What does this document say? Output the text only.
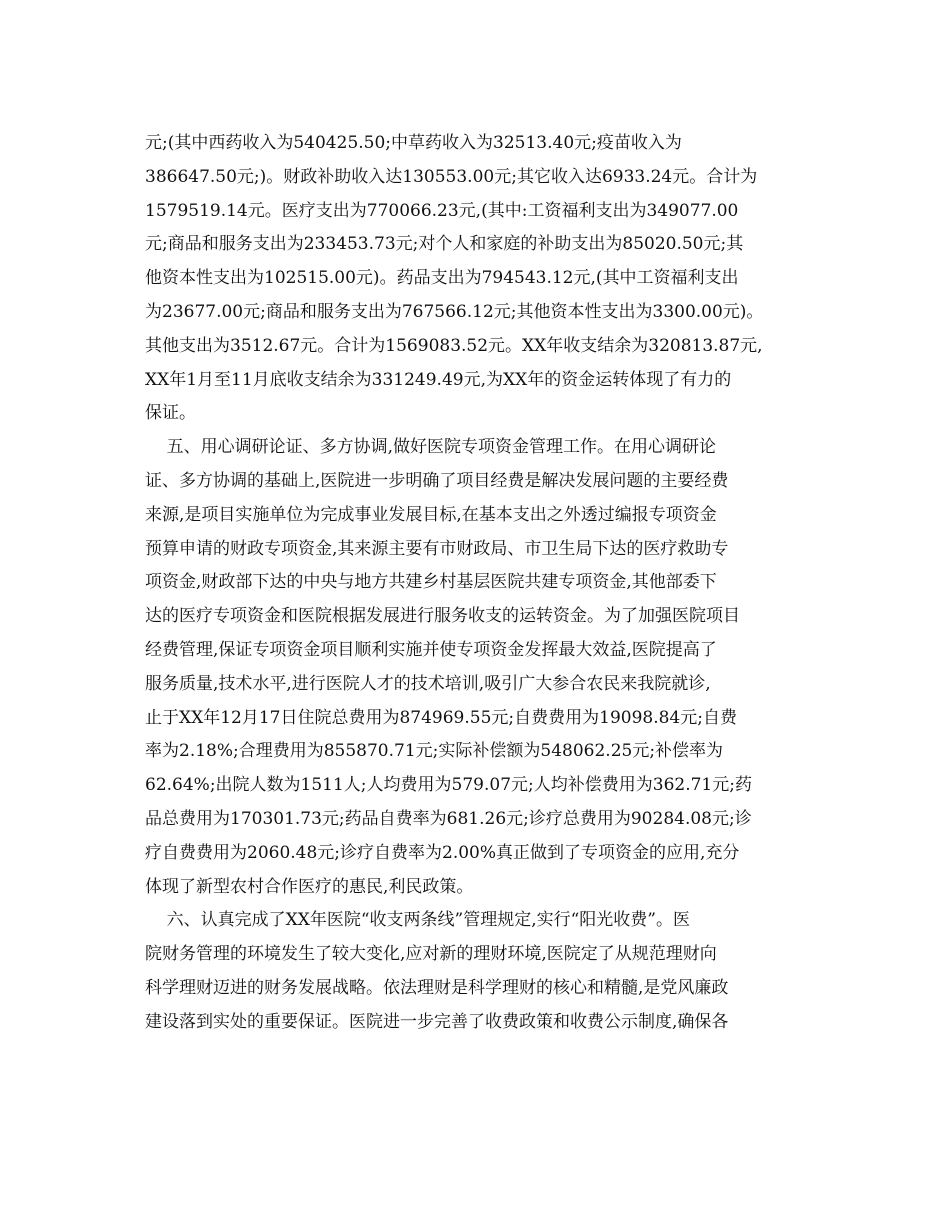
元;(其中西药收入为540425.50;中草药收入为32513.40元;疫苗收入为
386647.50元;)。财政补助收入达130553.00元;其它收入达6933.24元。合计为
1579519.14元。医疗支出为770066.23元,(其中:工资福利支出为349077.00
元;商品和服务支出为233453.73元;对个人和家庭的补助支出为85020.50元;其
他资本性支出为102515.00元)。药品支出为794543.12元,(其中工资福利支出
为23677.00元;商品和服务支出为767566.12元;其他资本性支出为3300.00元)。
其他支出为3512.67元。合计为1569083.52元。XX年收支结余为320813.87元,
XX年1月至11月底收支结余为331249.49元,为XX年的资金运转体现了有力的
保证。
五、用心调研论证、多方协调,做好医院专项资金管理工作。在用心调研论
证、多方协调的基础上,医院进一步明确了项目经费是解决发展问题的主要经费
来源,是项目实施单位为完成事业发展目标,在基本支出之外透过编报专项资金
预算申请的财政专项资金,其来源主要有市财政局、市卫生局下达的医疗救助专
项资金,财政部下达的中央与地方共建乡村基层医院共建专项资金,其他部委下
达的医疗专项资金和医院根据发展进行服务收支的运转资金。为了加强医院项目
经费管理,保证专项资金项目顺利实施并使专项资金发挥最大效益,医院提高了
服务质量,技术水平,进行医院人才的技术培训,吸引广大参合农民来我院就诊,
止于XX年12月17日住院总费用为874969.55元;自费费用为19098.84元;自费
率为2.18%;合理费用为855870.71元;实际补偿额为548062.25元;补偿率为
62.64%;出院人数为1511人;人均费用为579.07元;人均补偿费用为362.71元;药
品总费用为170301.73元;药品自费率为681.26元;诊疗总费用为90284.08元;诊
疗自费费用为2060.48元;诊疗自费率为2.00%真正做到了专项资金的应用,充分
体现了新型农村合作医疗的惠民,利民政策。
六、认真完成了XX年医院“收支两条线”管理规定,实行“阳光收费”。医
院财务管理的环境发生了较大变化,应对新的理财环境,医院定了从规范理财向
科学理财迈进的财务发展战略。依法理财是科学理财的核心和精髓,是党风廉政
建设落到实处的重要保证。医院进一步完善了收费政策和收费公示制度,确保各
